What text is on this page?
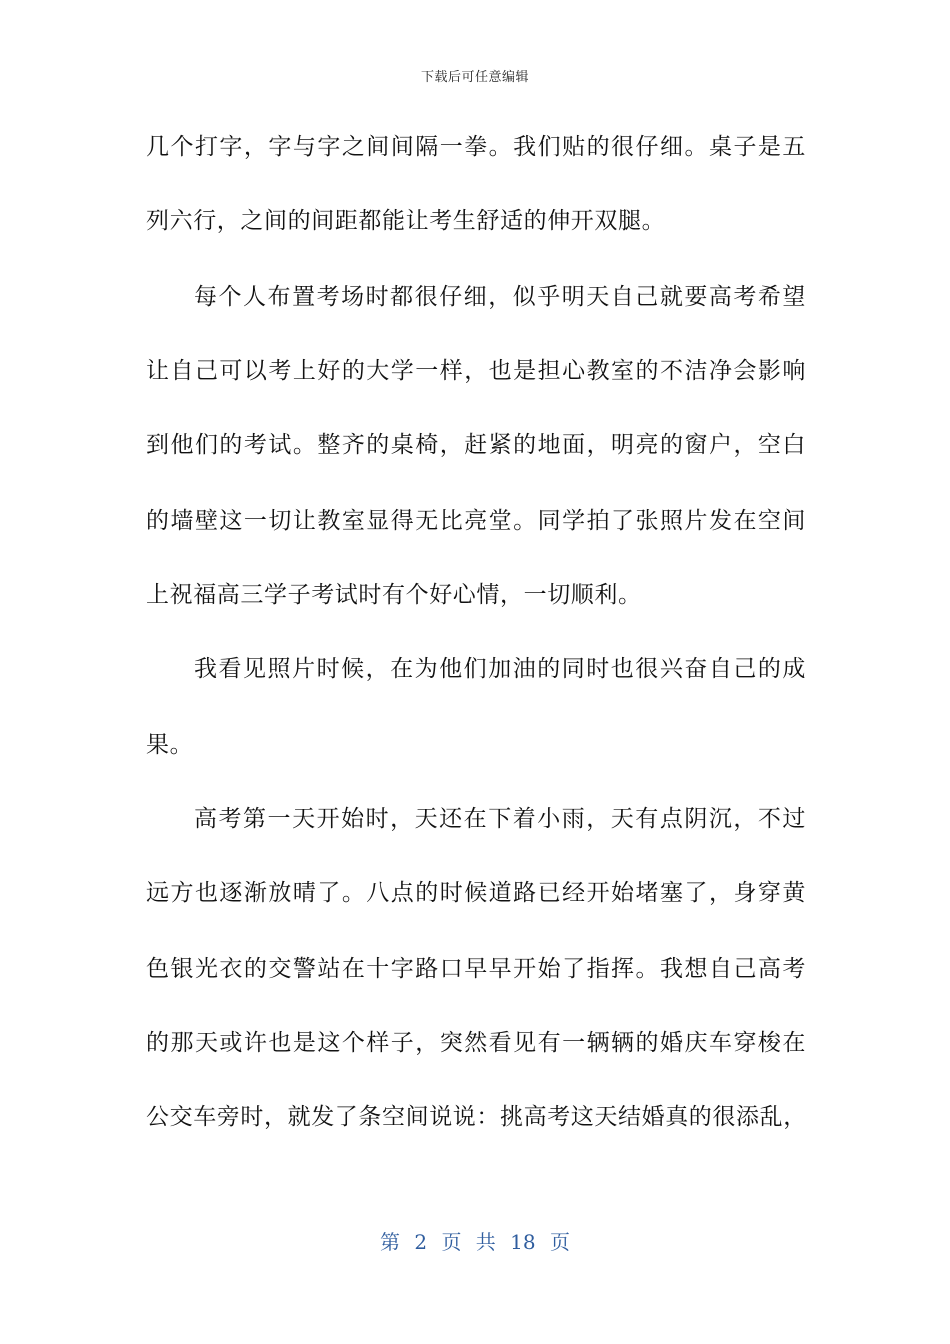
下载后可任意编辑
几个打字，字与字之间间隔一拳。我们贴的很仔细。桌子是五
列六行，之间的间距都能让考生舒适的伸开双腿。
每个人布置考场时都很仔细，似乎明天自己就要高考希望
让自己可以考上好的大学一样，也是担心教室的不洁净会影响
到他们的考试。整齐的桌椅，赶紧的地面，明亮的窗户，空白
的墙壁这一切让教室显得无比亮堂。同学拍了张照片发在空间
上祝福高三学子考试时有个好心情，一切顺利。
我看见照片时候，在为他们加油的同时也很兴奋自己的成
果。
高考第一天开始时，天还在下着小雨，天有点阴沉，不过
远方也逐渐放晴了。八点的时候道路已经开始堵塞了，身穿黄
色银光衣的交警站在十字路口早早开始了指挥。我想自己高考
的那天或许也是这个样子，突然看见有一辆辆的婚庆车穿梭在
公交车旁时，就发了条空间说说：挑高考这天结婚真的很添乱，
第 2 页 共 18 页
